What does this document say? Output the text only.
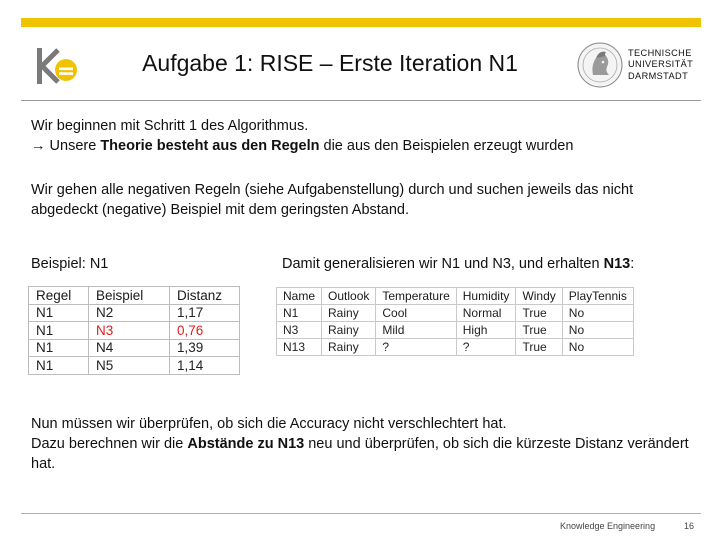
Aufgabe 1: RISE – Erste Iteration N1	TECHNISCHE
UNIVERSITÄT
DARMSTADT
Wir beginnen mit Schritt 1 des Algorithmus.
→ Unsere Theorie besteht aus den Regeln die aus den Beispielen erzeugt wurden
Wir gehen alle negativen Regeln (siehe Aufgabenstellung) durch und suchen jeweils das nicht abgedeckt (negative) Beispiel mit dem geringsten Abstand.
Beispiel: N1	Damit generalisieren wir N1 und N3, und erhalten N13:
Regel	Beispiel	Distanz
N1	N2	1,17
N1	N3	0,76
N1	N4	1,39
N1	N5	1,14
Name	Outlook	Temperature	Humidity	Windy	PlayTennis
N1	Rainy	Cool	Normal	True	No
N3	Rainy	Mild	High	True	No
N13	Rainy	?	?	True	No
Nun müssen wir überprüfen, ob sich die Accuracy nicht verschlechtert hat.
Dazu berechnen wir die Abstände zu N13 neu und überprüfen, ob sich die kürzeste Distanz verändert hat.
Knowledge Engineering	16
